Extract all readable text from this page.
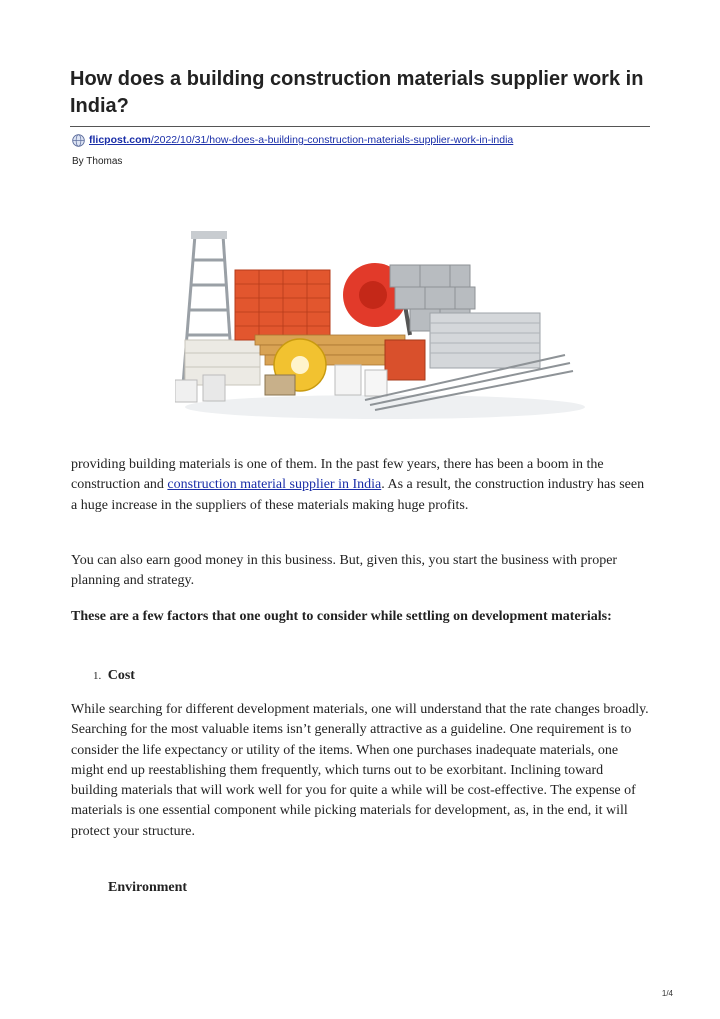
How does a building construction materials supplier work in India?
flicpost.com /2022/10/31/how-does-a-building-construction-materials-supplier-work-in-india
By Thomas

providing building materials is one of them. In the past few years, there has been a boom in the construction and construction material supplier in India. As a result, the construction industry has seen a huge increase in the suppliers of these materials making huge profits.

You can also earn good money in this business. But, given this, you start the business with proper planning and strategy.

These are a few factors that one ought to consider while settling on development materials:
1. Cost

While searching for different development materials, one will understand that the rate changes broadly. Searching for the most valuable items isn’t generally attractive as a guideline. One requirement is to consider the life expectancy or utility of the items. When one purchases inadequate materials, one might end up reestablishing them frequently, which turns out to be exorbitant. Inclining toward building materials that will work well for you for quite a while will be cost-effective. The expense of materials is one essential component while picking materials for development, as, in the end, it will protect your structure.

Environment
1/4
